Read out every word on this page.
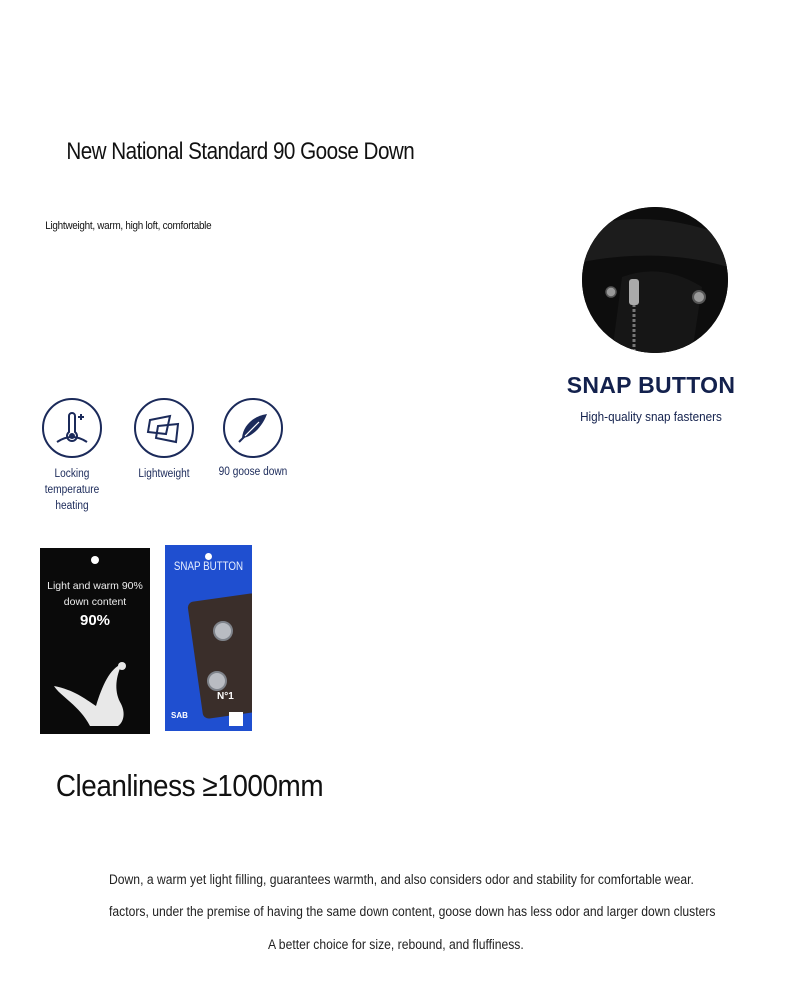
New National Standard 90 Goose Down
Lightweight, warm, high loft, comfortable
SNAP BUTTON
High-quality snap fasteners
Locking temperature heating
Lightweight	90 goose down
Light and warm 90% down content
90%
SNAP BUTTON
N°1
SAB
Cleanliness ≥1000mm
Down, a warm yet light filling, guarantees warmth, and also considers odor and stability for comfortable wear.
factors, under the premise of having the same down content, goose down has less odor and larger down clusters
A better choice for size, rebound, and fluffiness.
